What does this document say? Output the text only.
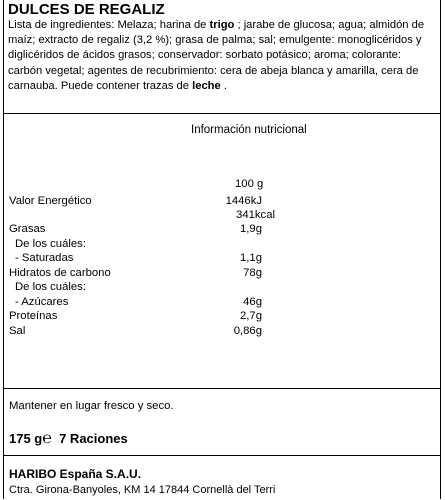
DULCES DE REGALIZ
Lista de ingredientes: Melaza; harina de trigo ; jarabe de glucosa; agua; almidón de maíz; extracto de regaliz (3,2 %); grasa de palma; sal; emulgente: monoglicéridos y diglicéridos de ácidos grasos; conservador: sorbato potásico; aroma; colorante: carbón vegetal; agentes de recubrimiento: cera de abeja blanca y amarilla, cera de carnauba. Puede contener trazas de leche .
Información nutricional
100 g
Valor Energético	1446kJ
341kcal
Grasas	1,9g
De los cuáles:
- Saturadas	1,1g
Hidratos de carbono	78g
De los cuáles:
- Azúcares	46g
Proteínas	2,7g
Sal	0,86g
Mantener en lugar fresco y seco.
175 g℮ 7 Raciones
HARIBO España S.A.U.
Ctra. Girona-Banyoles, KM 14 17844 Cornellà del Terri
